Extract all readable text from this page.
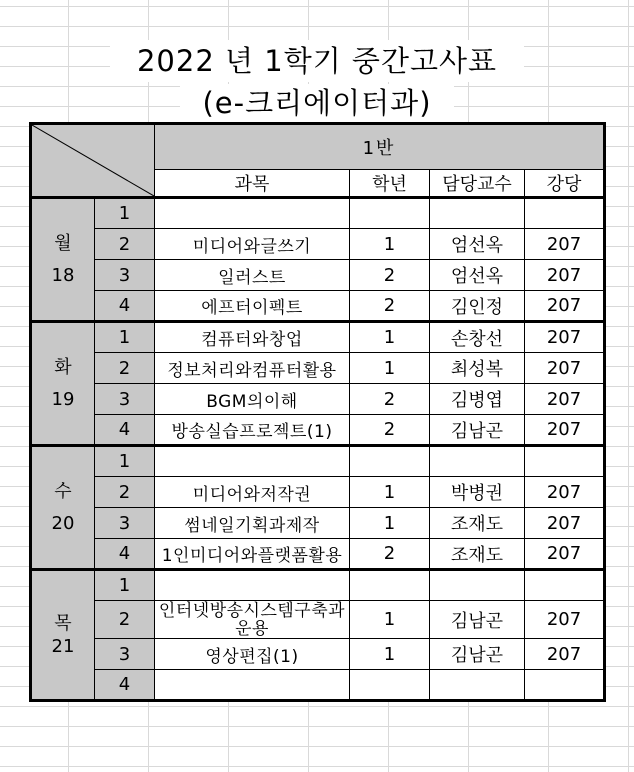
2022 년 1학기 중간고사표
(e-크리에이터과)
	1반			
		과목	학년	담당교수	강당

월
18	1				
	2	미디어와글쓰기	1	엄선옥	207
	3	일러스트	2	엄선옥	207
	4	에프터이펙트	2	김인정	207

화
19	1	컴퓨터와창업	1	손창선	207
	2	정보처리와컴퓨터활용	1	최성복	207
	3	BGM의이해	2	김병엽	207
	4	방송실습프로젝트(1)	2	김남곤	207

수
20	1				
	2	미디어와저작권	1	박병권	207
	3	썸네일기획과제작	1	조재도	207
	4	1인미디어와플랫폼활용	2	조재도	207

목
21	1				
	2	인터넷방송시스템구축과운용	1	김남곤	207
	3	영상편집(1)	1	김남곤	207
	4				
